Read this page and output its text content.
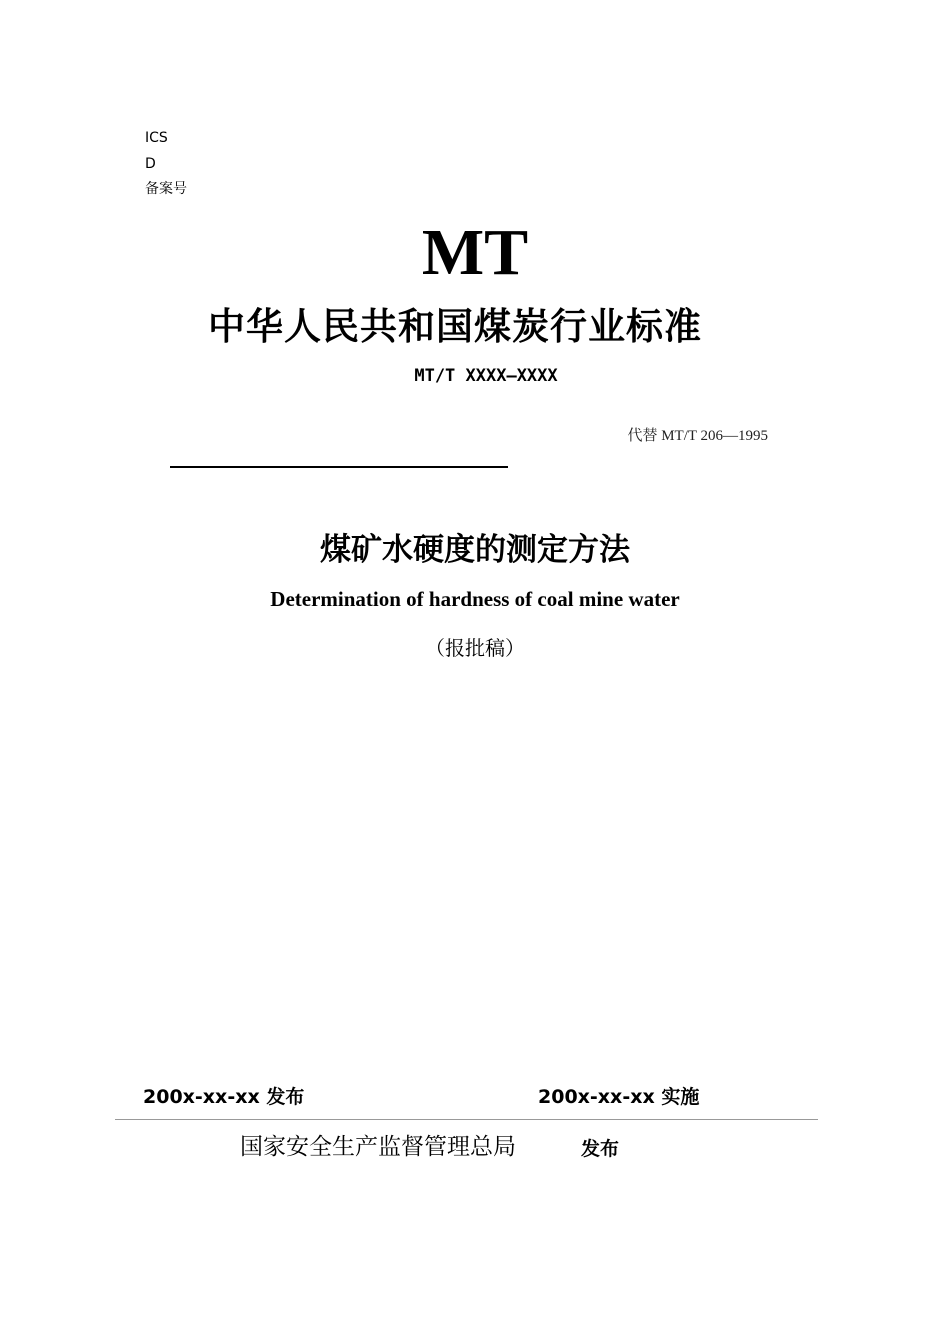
ICS
D
备案号
MT
中华人民共和国煤炭行业标准
MT/T XXXX—XXXX
代替 MT/T 206—1995
煤矿水硬度的测定方法
Determination of hardness of coal mine water
（报批稿）
200x-xx-xx 发布	200x-xx-xx 实施
国家安全生产监督管理总局	发布
